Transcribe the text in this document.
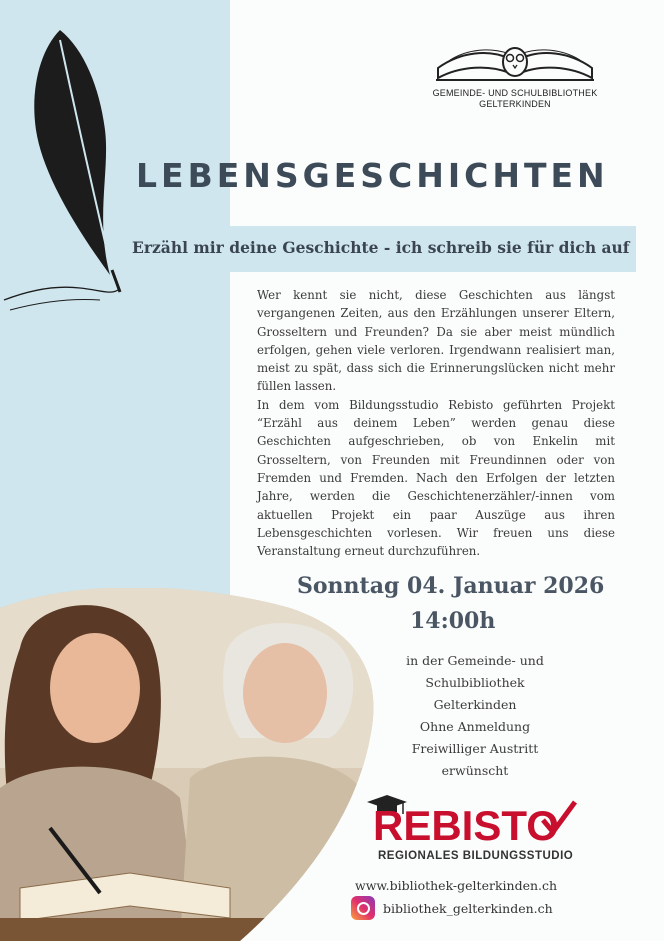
GEMEINDE- UND SCHULBIBLIOTHEK
GELTERKINDEN
LEBENSGESCHICHTEN
Erzähl mir deine Geschichte - ich schreib sie für dich auf

Wer kennt sie nicht, diese Geschichten aus längst vergangenen Zeiten, aus den Erzählungen unserer Eltern, Grosseltern und Freunden? Da sie aber meist mündlich erfolgen, gehen viele verloren. Irgendwann realisiert man, meist zu spät, dass sich die Erinnerungslücken nicht mehr füllen lassen.

In dem vom Bildungsstudio Rebisto geführten Projekt “Erzähl aus deinem Leben” werden genau diese Geschichten aufgeschrieben, ob von Enkelin mit Grosseltern, von Freunden mit Freundinnen oder von Fremden und Fremden. Nach den Erfolgen der letzten Jahre, werden die Geschichtenerzähler/-innen vom aktuellen Projekt ein paar Auszüge aus ihren Lebensgeschichten vorlesen. Wir freuen uns diese Veranstaltung erneut durchzuführen.

Sonntag 04. Januar 2026
14:00h
in der Gemeinde- und
Schulbibliothek
Gelterkinden
Ohne Anmeldung
Freiwilliger Austritt
erwünscht
REBISTO
REGIONALES BILDUNGSSTUDIO
www.bibliothek-gelterkinden.ch
bibliothek_gelterkinden.ch
